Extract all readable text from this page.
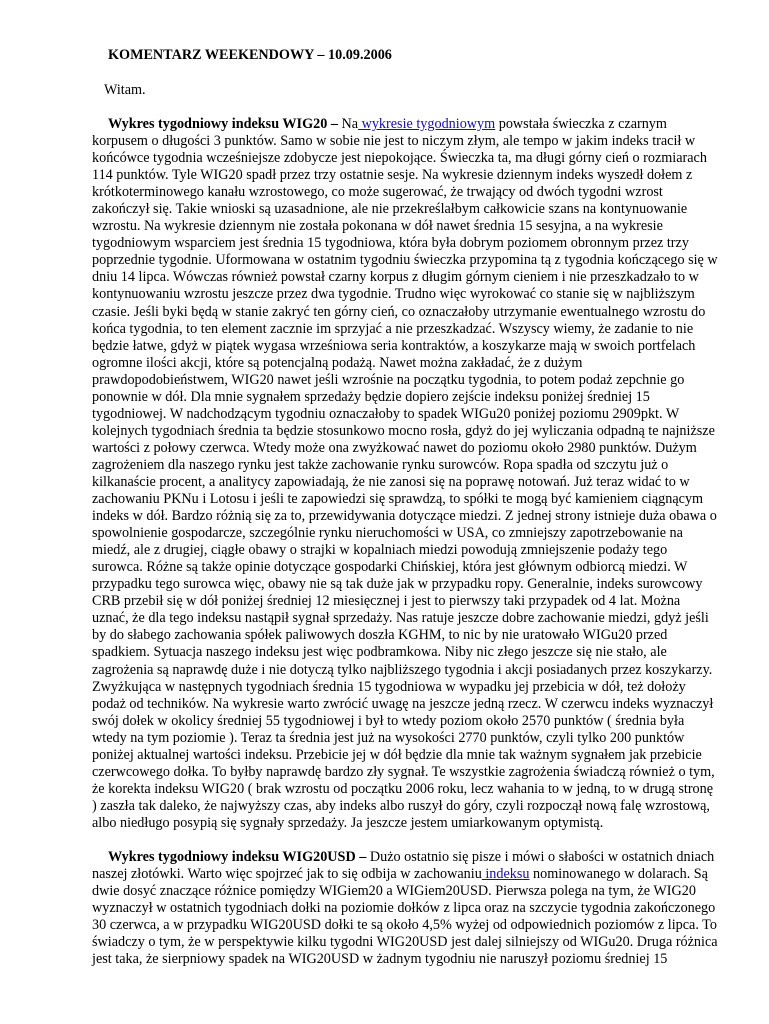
KOMENTARZ WEEKENDOWY – 10.09.2006

Witam.

Wykres tygodniowy indeksu WIG20 – Na wykresie tygodniowym powstała świeczka z czarnym korpusem o długości 3 punktów. Samo w sobie nie jest to niczym złym, ale tempo w jakim indeks tracił w końcówce tygodnia wcześniejsze zdobycze jest niepokojące. Świeczka ta, ma długi górny cień o rozmiarach 114 punktów. Tyle WIG20 spadł przez trzy ostatnie sesje. Na wykresie dziennym indeks wyszedł dołem z krótkoterminowego kanału wzrostowego, co może sugerować, że trwający od dwóch tygodni wzrost zakończył się. Takie wnioski są uzasadnione, ale nie przekreślałbym całkowicie szans na kontynuowanie wzrostu. Na wykresie dziennym nie została pokonana w dół nawet średnia 15 sesyjna, a na wykresie tygodniowym wsparciem jest średnia 15 tygodniowa, która była dobrym poziomem obronnym przez trzy poprzednie tygodnie. Uformowana w ostatnim tygodniu świeczka przypomina tą z tygodnia kończącego się w dniu 14 lipca. Wówczas również powstał czarny korpus z długim górnym cieniem i nie przeszkadzało to w kontynuowaniu wzrostu jeszcze przez dwa tygodnie. Trudno więc wyrokować co stanie się w najbliższym czasie. Jeśli byki będą w stanie zakryć ten górny cień, co oznaczałoby utrzymanie ewentualnego wzrostu do końca tygodnia, to ten element zacznie im sprzyjać a nie przeszkadzać. Wszyscy wiemy, że zadanie to nie będzie łatwe, gdyż w piątek wygasa wrześniowa seria kontraktów, a koszykarze mają w swoich portfelach ogromne ilości akcji, które są potencjalną podażą. Nawet można zakładać, że z dużym prawdopodobieństwem, WIG20 nawet jeśli wzrośnie na początku tygodnia, to potem podaż zepchnie go ponownie w dół. Dla mnie sygnałem sprzedaży będzie dopiero zejście indeksu poniżej średniej 15 tygodniowej. W nadchodzącym tygodniu oznaczałoby to spadek WIGu20 poniżej poziomu 2909pkt. W kolejnych tygodniach średnia ta będzie stosunkowo mocno rosła, gdyż do jej wyliczania odpadną te najniższe wartości z połowy czerwca. Wtedy może ona zwyżkować nawet do poziomu około 2980 punktów. Dużym zagrożeniem dla naszego rynku jest także zachowanie rynku surowców. Ropa spadła od szczytu już o kilkanaście procent, a analitycy zapowiadają, że nie zanosi się na poprawę notowań. Już teraz widać to w zachowaniu PKNu i Lotosu i jeśli te zapowiedzi się sprawdzą, to spółki te mogą być kamieniem ciągnącym indeks w dół. Bardzo różnią się za to, przewidywania dotyczące miedzi. Z jednej strony istnieje duża obawa o spowolnienie gospodarcze, szczególnie rynku nieruchomości w USA, co zmniejszy zapotrzebowanie na miedź, ale z drugiej, ciągłe obawy o strajki w kopalniach miedzi powodują zmniejszenie podaży tego surowca. Różne są także opinie dotyczące gospodarki Chińskiej, która jest głównym odbiorcą miedzi. W przypadku tego surowca więc, obawy nie są tak duże jak w przypadku ropy. Generalnie, indeks surowcowy CRB przebił się w dół poniżej średniej 12 miesięcznej i jest to pierwszy taki przypadek od 4 lat. Można uznać, że dla tego indeksu nastąpił sygnał sprzedaży. Nas ratuje jeszcze dobre zachowanie miedzi, gdyż jeśli by do słabego zachowania spółek paliwowych doszła KGHM, to nic by nie uratowało WIGu20 przed spadkiem. Sytuacja naszego indeksu jest więc podbramkowa. Niby nic złego jeszcze się nie stało, ale zagrożenia są naprawdę duże i nie dotyczą tylko najbliższego tygodnia i akcji posiadanych przez koszykarzy. Zwyżkująca w następnych tygodniach średnia 15 tygodniowa w wypadku jej przebicia w dół, też dołoży podaż od techników. Na wykresie warto zwrócić uwagę na jeszcze jedną rzecz. W czerwcu indeks wyznaczył swój dołek w okolicy średniej 55 tygodniowej i był to wtedy poziom około 2570 punktów ( średnia była wtedy na tym poziomie ). Teraz ta średnia jest już na wysokości 2770 punktów, czyli tylko 200 punktów poniżej aktualnej wartości indeksu. Przebicie jej w dół będzie dla mnie tak ważnym sygnałem jak przebicie czerwcowego dołka. To byłby naprawdę bardzo zły sygnał. Te wszystkie zagrożenia świadczą również o tym, że korekta indeksu WIG20 ( brak wzrostu od początku 2006 roku, lecz wahania to w jedną, to w drugą stronę ) zaszła tak daleko, że najwyższy czas, aby indeks albo ruszył do góry, czyli rozpoczął nową falę wzrostową, albo niedługo posypią się sygnały sprzedaży. Ja jeszcze jestem umiarkowanym optymistą.

Wykres tygodniowy indeksu WIG20USD – Dużo ostatnio się pisze i mówi o słabości w ostatnich dniach naszej złotówki. Warto więc spojrzeć jak to się odbija w zachowaniu indeksu nominowanego w dolarach. Są dwie dosyć znaczące różnice pomiędzy WIGiem20 a WIGiem20USD. Pierwsza polega na tym, że WIG20 wyznaczył w ostatnich tygodniach dołki na poziomie dołków z lipca oraz na szczycie tygodnia zakończonego 30 czerwca, a w przypadku WIG20USD dołki te są około 4,5% wyżej od odpowiednich poziomów z lipca. To świadczy o tym, że w perspektywie kilku tygodni WIG20USD jest dalej silniejszy od WIGu20. Druga różnica jest taka, że sierpniowy spadek na WIG20USD w żadnym tygodniu nie naruszył poziomu średniej 15
